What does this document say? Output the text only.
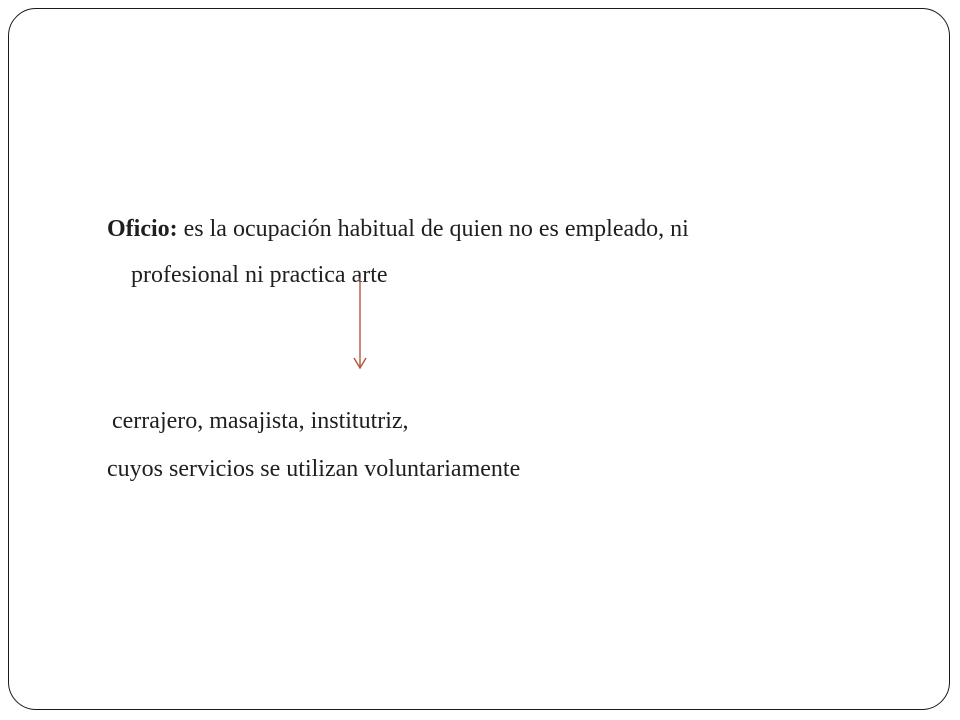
Oficio: es la ocupación habitual de quien no es empleado, ni
profesional ni practica arte
cerrajero, masajista, institutriz,
cuyos servicios se utilizan voluntariamente
